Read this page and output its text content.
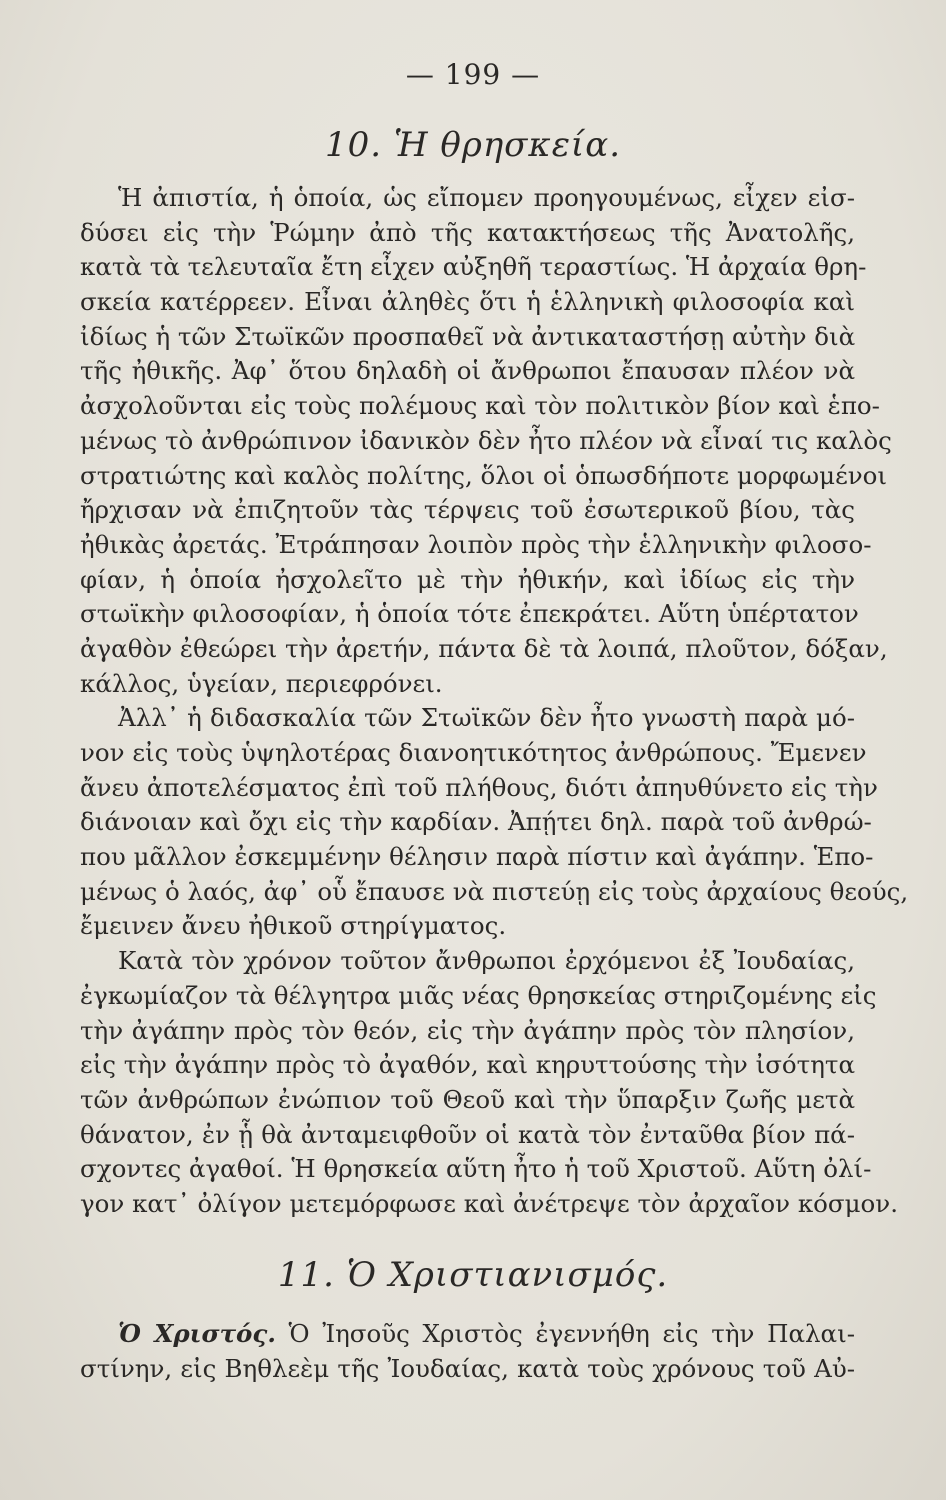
— 199 —
10. Ἡ θρησκεία.
Ἡ ἀπιστία, ἡ ὁποία, ὡς εἴπομεν προηγουμένως, εἶχεν εἰσ-
δύσει εἰς τὴν Ῥώμην ἀπὸ τῆς κατακτήσεως τῆς Ἀνατολῆς,
κατὰ τὰ τελευταῖα ἔτη εἶχεν αὐξηθῆ τεραστίως. Ἡ ἀρχαία θρη-
σκεία κατέρρεεν. Εἶναι ἀληθὲς ὅτι ἡ ἑλληνικὴ φιλοσοφία καὶ
ἰδίως ἡ τῶν Στωϊκῶν προσπαθεῖ νὰ ἀντικαταστήσῃ αὐτὴν διὰ
τῆς ἠθικῆς. Ἀφ᾽ ὅτου δηλαδὴ οἱ ἄνθρωποι ἔπαυσαν πλέον νὰ
ἀσχολοῦνται εἰς τοὺς πολέμους καὶ τὸν πολιτικὸν βίον καὶ ἑπο-
μένως τὸ ἀνθρώπινον ἰδανικὸν δὲν ἦτο πλέον νὰ εἶναί τις καλὸς
στρατιώτης καὶ καλὸς πολίτης, ὅλοι οἱ ὁπωσδήποτε μορφωμένοι
ἤρχισαν νὰ ἐπιζητοῦν τὰς τέρψεις τοῦ ἐσωτερικοῦ βίου, τὰς
ἠθικὰς ἀρετάς. Ἐτράπησαν λοιπὸν πρὸς τὴν ἑλληνικὴν φιλοσο-
φίαν, ἡ ὁποία ἠσχολεῖτο μὲ τὴν ἠθικήν, καὶ ἰδίως εἰς τὴν
στωϊκὴν φιλοσοφίαν, ἡ ὁποία τότε ἐπεκράτει. Αὕτη ὑπέρτατον
ἀγαθὸν ἐθεώρει τὴν ἀρετήν, πάντα δὲ τὰ λοιπά, πλοῦτον, δόξαν,
κάλλος, ὑγείαν, περιεφρόνει.
Ἀλλ᾽ ἡ διδασκαλία τῶν Στωϊκῶν δὲν ἦτο γνωστὴ παρὰ μό-
νον εἰς τοὺς ὑψηλοτέρας διανοητικότητος ἀνθρώπους. Ἔμενεν
ἄνευ ἀποτελέσματος ἐπὶ τοῦ πλήθους, διότι ἀπηυθύνετο εἰς τὴν
διάνοιαν καὶ ὄχι εἰς τὴν καρδίαν. Ἀπῄτει δηλ. παρὰ τοῦ ἀνθρώ-
που μᾶλλον ἐσκεμμένην θέλησιν παρὰ πίστιν καὶ ἀγάπην. Ἑπο-
μένως ὁ λαός, ἀφ᾽ οὗ ἔπαυσε νὰ πιστεύῃ εἰς τοὺς ἀρχαίους θεούς,
ἔμεινεν ἄνευ ἠθικοῦ στηρίγματος.
Κατὰ τὸν χρόνον τοῦτον ἄνθρωποι ἐρχόμενοι ἐξ Ἰουδαίας,
ἐγκωμίαζον τὰ θέλγητρα μιᾶς νέας θρησκείας στηριζομένης εἰς
τὴν ἀγάπην πρὸς τὸν θεόν, εἰς τὴν ἀγάπην πρὸς τὸν πλησίον,
εἰς τὴν ἀγάπην πρὸς τὸ ἀγαθόν, καὶ κηρυττούσης τὴν ἰσότητα
τῶν ἀνθρώπων ἐνώπιον τοῦ Θεοῦ καὶ τὴν ὕπαρξιν ζωῆς μετὰ
θάνατον, ἐν ᾗ θὰ ἀνταμειφθοῦν οἱ κατὰ τὸν ἐνταῦθα βίον πά-
σχοντες ἀγαθοί. Ἡ θρησκεία αὕτη ἦτο ἡ τοῦ Χριστοῦ. Αὕτη ὀλί-
γον κατ᾽ ὀλίγον μετεμόρφωσε καὶ ἀνέτρεψε τὸν ἀρχαῖον κόσμον.
11. Ὁ Χριστιανισμός.
Ὁ Χριστός. Ὁ Ἰησοῦς Χριστὸς ἐγεννήθη εἰς τὴν Παλαι-
στίνην, εἰς Βηθλεὲμ τῆς Ἰουδαίας, κατὰ τοὺς χρόνους τοῦ Αὐ-
